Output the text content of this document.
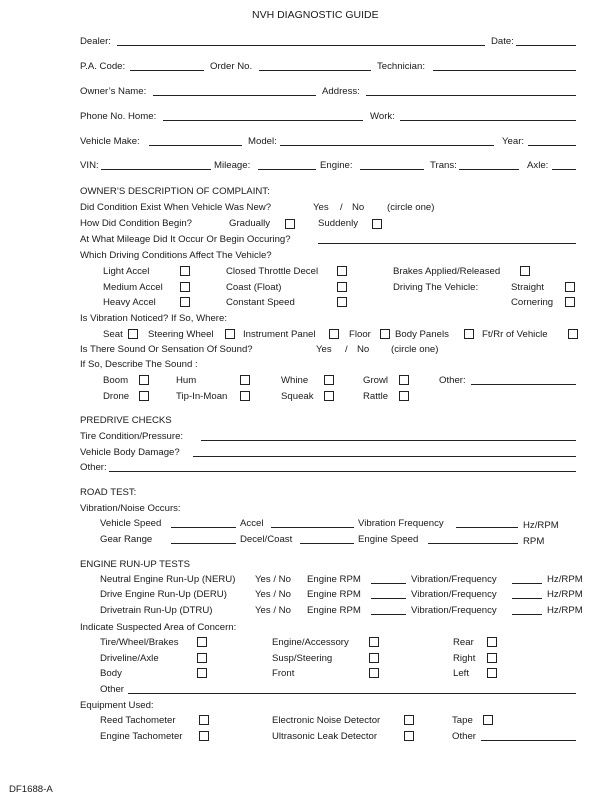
NVH DIAGNOSTIC GUIDE
Dealer:	Date:
P.A. Code:	Order No.	Technician:
Owner’s Name:	Address:
Phone No. Home:	Work:
Vehicle Make:	Model:	Year:
VIN:	Mileage:	Engine:	Trans:	Axle:
OWNER’S DESCRIPTION OF COMPLAINT:
Did Condition Exist When Vehicle Was New?	Yes / No (circle one)
How Did Condition Begin?	Gradually	Suddenly
At What Mileage Did It Occur Or Begin Occuring?
Which Driving Conditions Affect The Vehicle?
Light Accel	Closed Throttle Decel	Brakes Applied/Released
Medium Accel	Coast (Float)	Driving The Vehicle:	Straight
Heavy Accel	Constant Speed	Cornering
Is Vibration Noticed? If So, Where:
Seat	Steering Wheel	Instrument Panel	Floor	Body Panels	Ft/Rr of Vehicle
Is There Sound Or Sensation Of Sound?	Yes / No (circle one)
If So, Describe The Sound :
Boom	Hum	Whine	Growl	Other:
Drone	Tip-In-Moan	Squeak	Rattle
PREDRIVE CHECKS
Tire Condition/Pressure:
Vehicle Body Damage?
Other:
ROAD TEST:
Vibration/Noise Occurs:
Vehicle Speed	Accel	Vibration Frequency	Hz/RPM
Gear Range	Decel/Coast	Engine Speed	RPM
ENGINE RUN-UP TESTS
Neutral Engine Run-Up (NERU) Yes / No Engine RPM	Vibration/Frequency	Hz/RPM
Drive Engine Run-Up (DERU)	Yes / No Engine RPM	Vibration/Frequency	Hz/RPM
Drivetrain Run-Up (DTRU)	Yes / No Engine RPM	Vibration/Frequency	Hz/RPM
Indicate Suspected Area of Concern:
Tire/Wheel/Brakes	Engine/Accessory	Rear
Driveline/Axle	Susp/Steering	Right
Body	Front	Left
Other
Equipment Used:
Reed Tachometer	Electronic Noise Detector	Tape
Engine Tachometer	Ultrasonic Leak Detector	Other
DF1688-A
